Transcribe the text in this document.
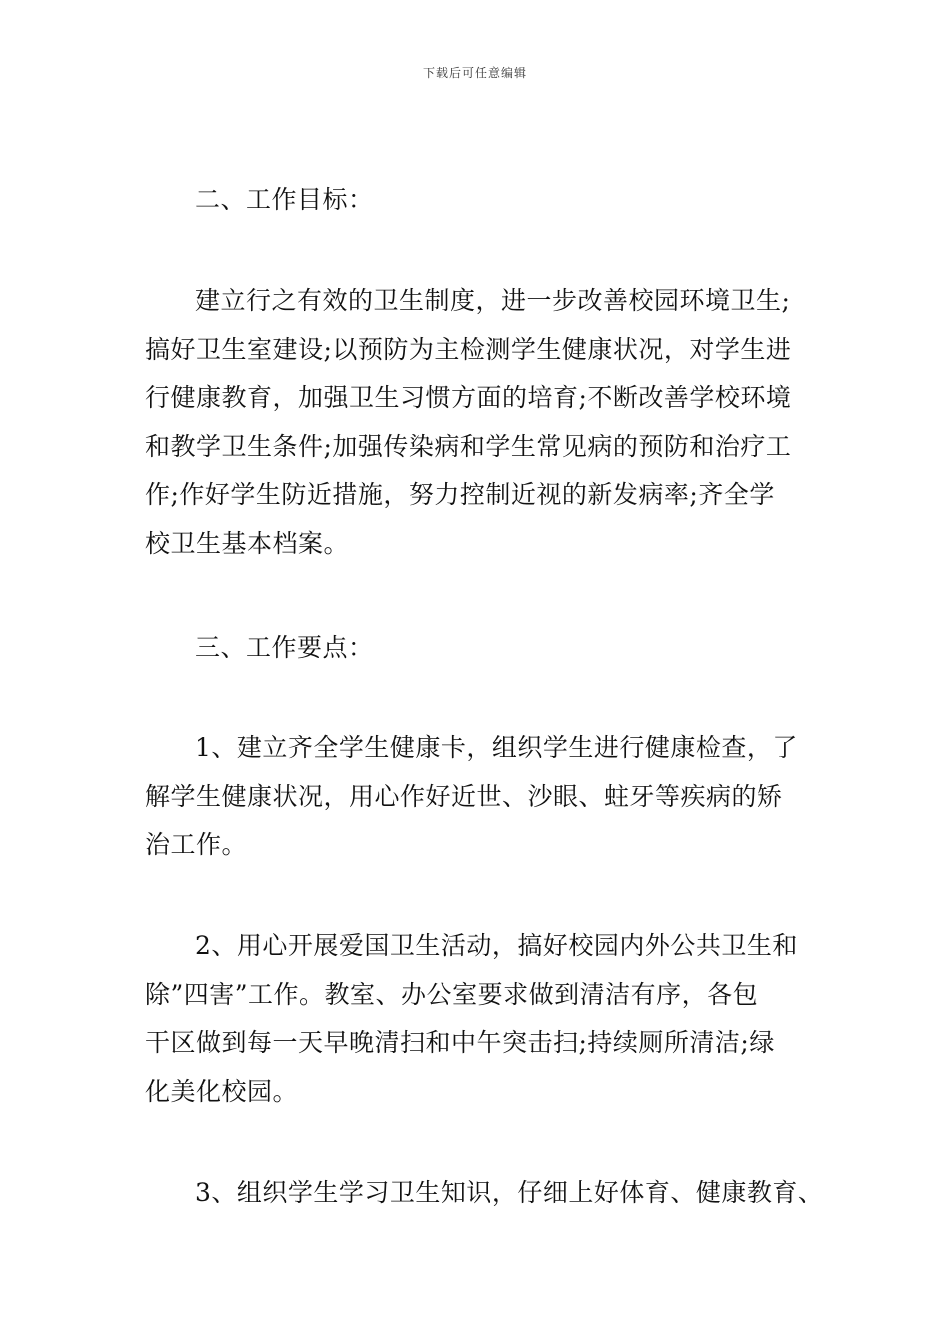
下载后可任意编辑
二、工作目标：
建立行之有效的卫生制度，进一步改善校园环境卫生;
搞好卫生室建设;以预防为主检测学生健康状况，对学生进
行健康教育，加强卫生习惯方面的培育;不断改善学校环境
和教学卫生条件;加强传染病和学生常见病的预防和治疗工
作;作好学生防近措施，努力控制近视的新发病率;齐全学
校卫生基本档案。
三、工作要点：
1、建立齐全学生健康卡，组织学生进行健康检查，了
解学生健康状况，用心作好近世、沙眼、蛀牙等疾病的矫
治工作。
2、用心开展爱国卫生活动，搞好校园内外公共卫生和
除”四害”工作。教室、办公室要求做到清洁有序，各包
干区做到每一天早晚清扫和中午突击扫;持续厕所清洁;绿
化美化校园。
3、组织学生学习卫生知识，仔细上好体育、健康教育、
